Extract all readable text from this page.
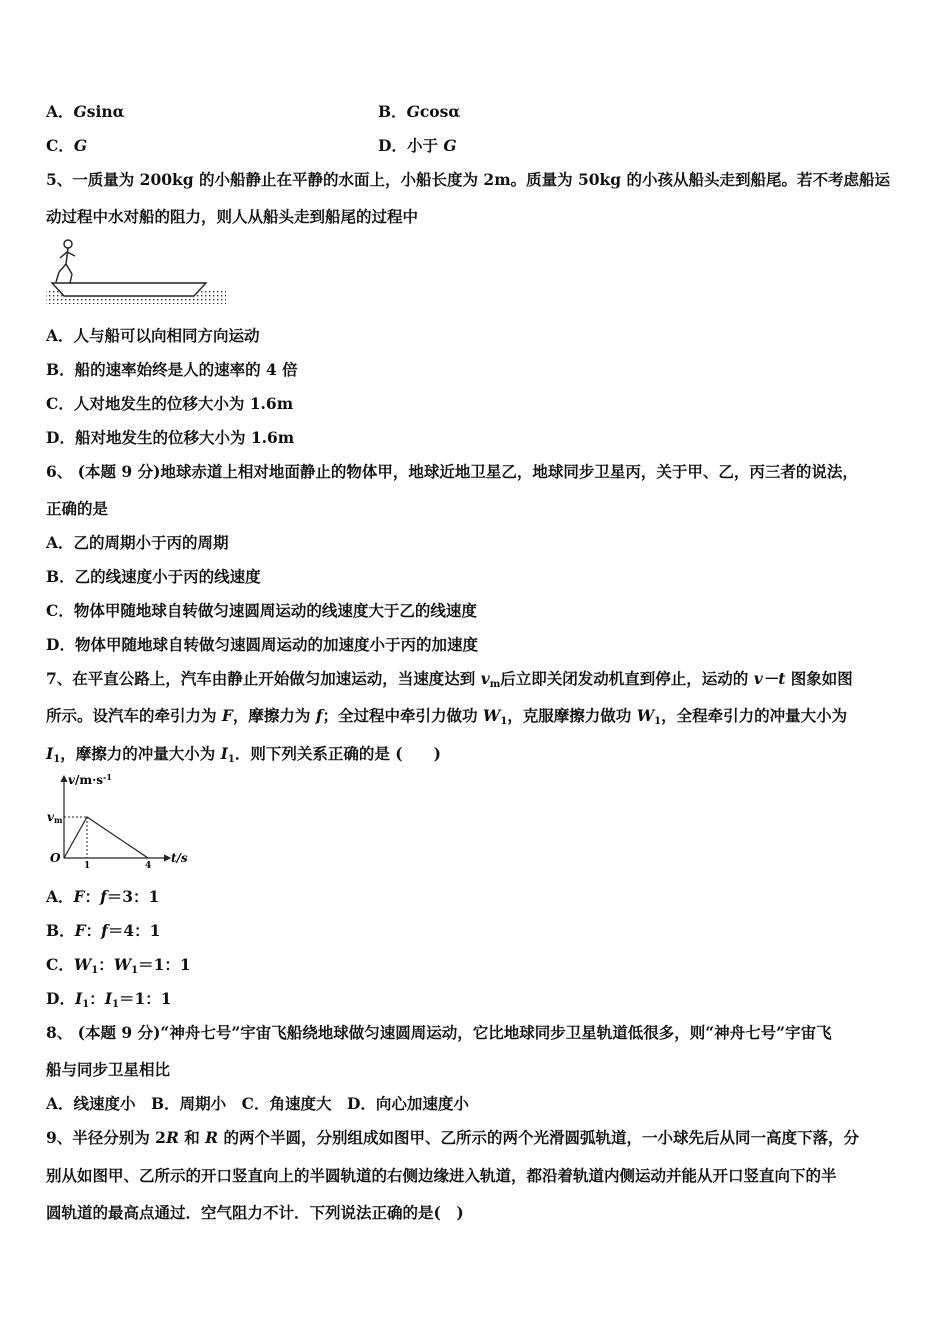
A．Gsinα	B．Gcosα
C．G	D．小于 G
5、一质量为 200kg 的小船静止在平静的水面上，小船长度为 2m。质量为 50kg 的小孩从船头走到船尾。若不考虑船运
动过程中水对船的阻力，则人从船头走到船尾的过程中
A．人与船可以向相同方向运动
B．船的速率始终是人的速率的 4 倍
C．人对地发生的位移大小为 1.6m
D．船对地发生的位移大小为 1.6m
6、 (本题 9 分)地球赤道上相对地面静止的物体甲，地球近地卫星乙，地球同步卫星丙，关于甲、乙，丙三者的说法，
正确的是
A．乙的周期小于丙的周期
B．乙的线速度小于丙的线速度
C．物体甲随地球自转做匀速圆周运动的线速度大于乙的线速度
D．物体甲随地球自转做匀速圆周运动的加速度小于丙的加速度
7、在平直公路上，汽车由静止开始做匀加速运动，当速度达到 $v_m$后立即关闭发动机直到停止，运动的 v－t 图象如图
所示。设汽车的牵引力为 F，摩擦力为 f；全过程中牵引力做功 $W_1$，克服摩擦力做功 $W_1$，全程牵引力的冲量大小为
$I_1$，摩擦力的冲量大小为 $I_1$．则下列关系正确的是 (　　)
$v/m\cdot s^{-1}$
vm
O
1	4
t/s
A．F：f＝3：1
B．F：f＝4：1
C．$W_1$：$W_1=1$：1
D．$I_1$：$I_1=1$：1
8、 (本题 9 分)“神舟七号”宇宙飞船绕地球做匀速圆周运动，它比地球同步卫星轨道低很多，则“神舟七号”宇宙飞
船与同步卫星相比
A．线速度小　B．周期小　C．角速度大　D．向心加速度小
9、半径分别为 2R 和 R 的两个半圆，分别组成如图甲、乙所示的两个光滑圆弧轨道，一小球先后从同一高度下落，分
别从如图甲、乙所示的开口竖直向上的半圆轨道的右侧边缘进入轨道，都沿着轨道内侧运动并能从开口竖直向下的半
圆轨道的最高点通过．空气阻力不计．下列说法正确的是(　)
